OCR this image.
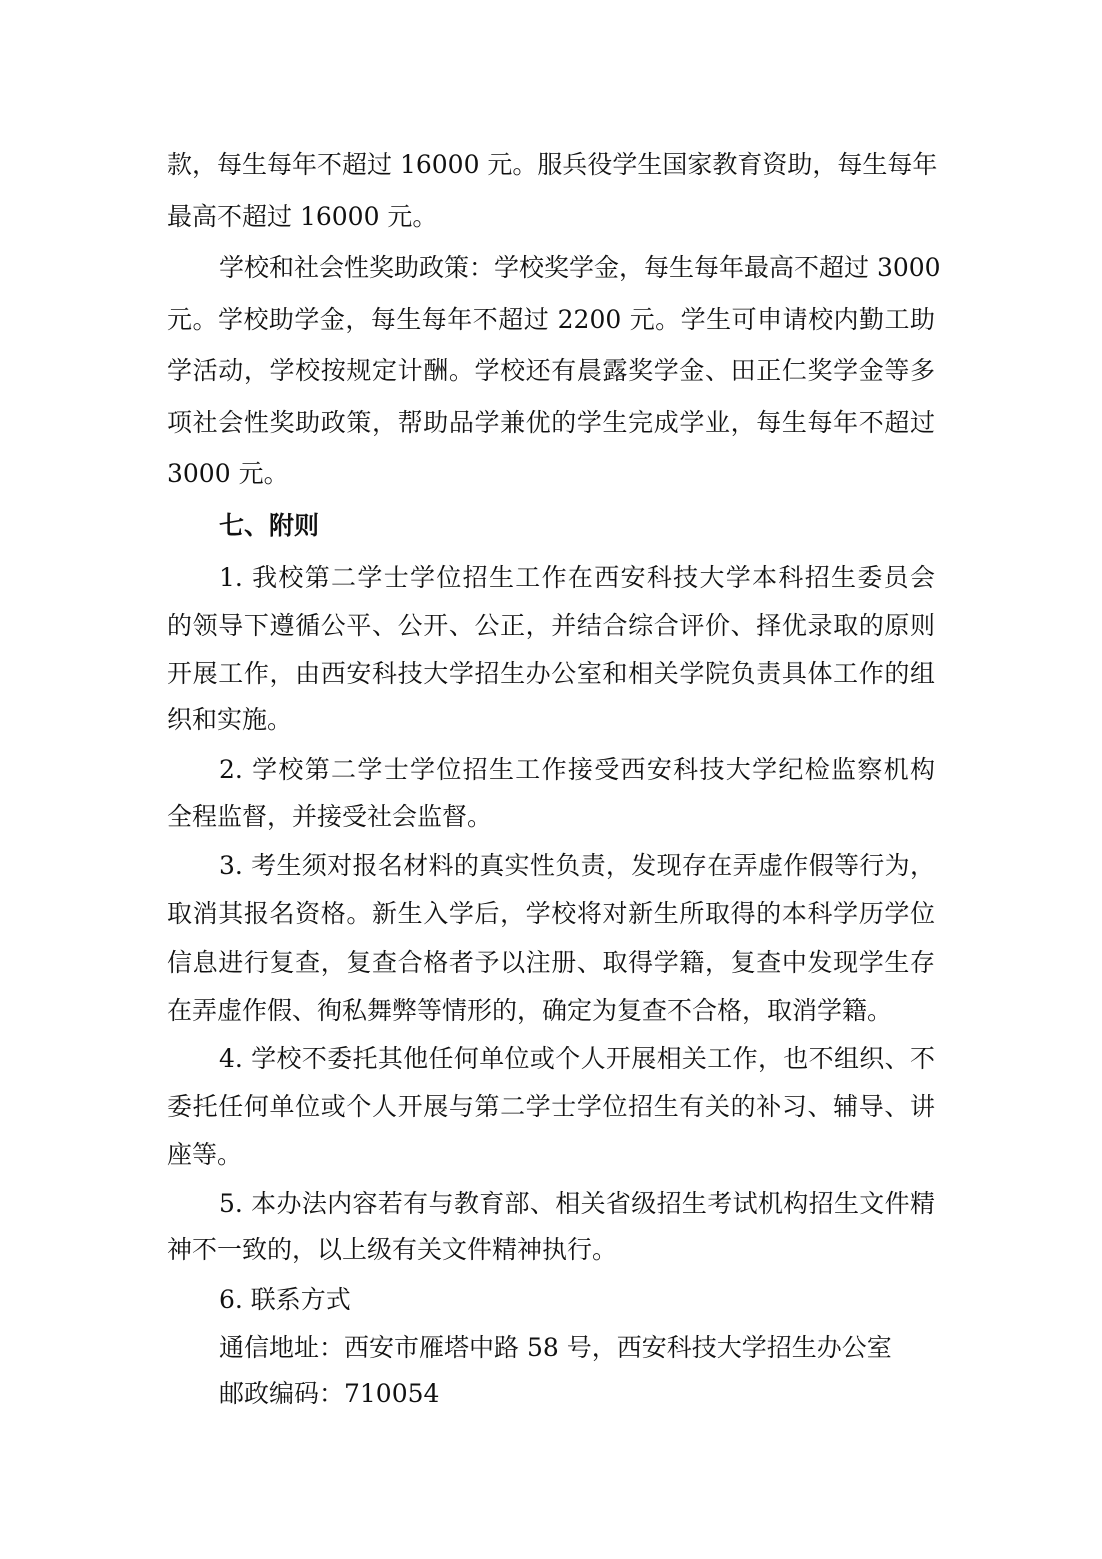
款，每生每年不超过 16000 元。服兵役学生国家教育资助，每生每年
最高不超过 16000 元。
学校和社会性奖助政策：学校奖学金，每生每年最高不超过 3000
元。学校助学金，每生每年不超过 2200 元。学生可申请校内勤工助
学活动，学校按规定计酬。学校还有晨露奖学金、田正仁奖学金等多
项社会性奖助政策，帮助品学兼优的学生完成学业，每生每年不超过
3000 元。
七、附则
1. 我校第二学士学位招生工作在西安科技大学本科招生委员会
的领导下遵循公平、公开、公正，并结合综合评价、择优录取的原则
开展工作，由西安科技大学招生办公室和相关学院负责具体工作的组
织和实施。
2. 学校第二学士学位招生工作接受西安科技大学纪检监察机构
全程监督，并接受社会监督。
3. 考生须对报名材料的真实性负责，发现存在弄虚作假等行为，
取消其报名资格。新生入学后，学校将对新生所取得的本科学历学位
信息进行复查，复查合格者予以注册、取得学籍，复查中发现学生存
在弄虚作假、徇私舞弊等情形的，确定为复查不合格，取消学籍。
4. 学校不委托其他任何单位或个人开展相关工作，也不组织、不
委托任何单位或个人开展与第二学士学位招生有关的补习、辅导、讲
座等。
5. 本办法内容若有与教育部、相关省级招生考试机构招生文件精
神不一致的，以上级有关文件精神执行。
6. 联系方式
通信地址：西安市雁塔中路 58 号，西安科技大学招生办公室
邮政编码：710054
